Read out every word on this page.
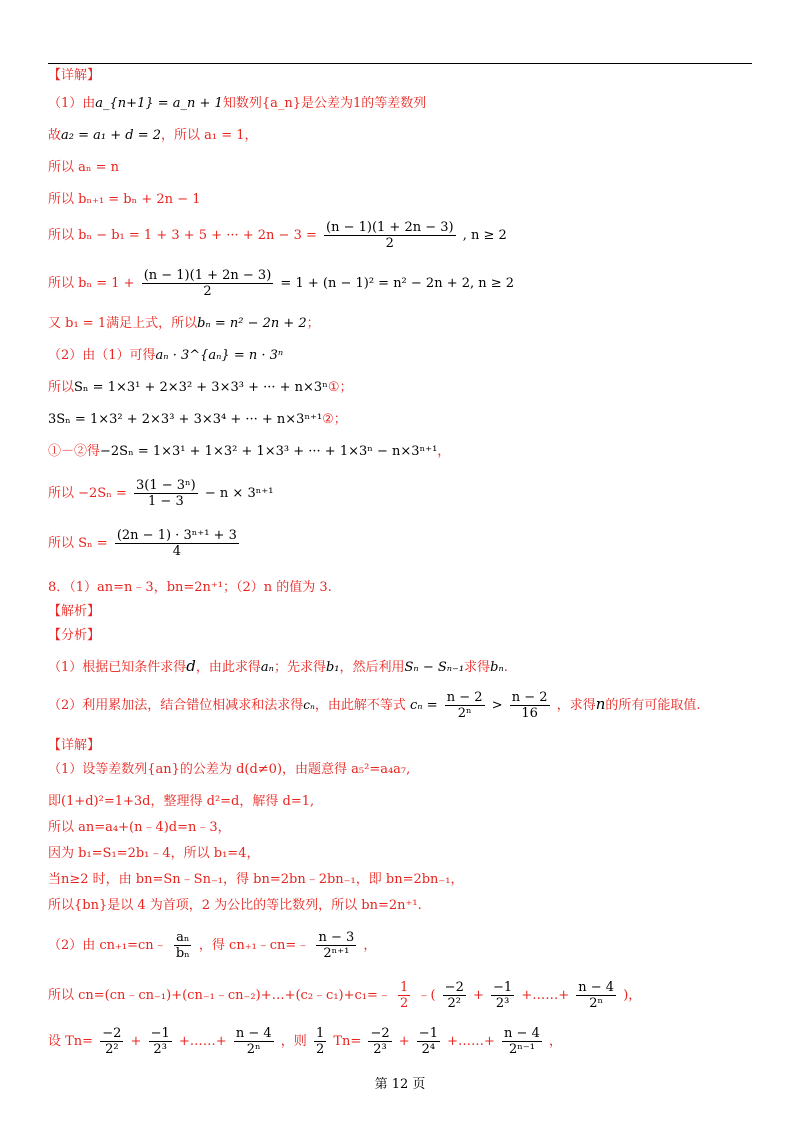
【详解】
（1）由a_{n+1} = a_n + 1知数列{a_n}是公差为1的等差数列
故a₂ = a₁ + d = 2，所以 a₁ = 1，
所以 aₙ = n
所以 bₙ₊₁ = bₙ + 2n − 1
所以 bₙ − b₁ = 1 + 3 + 5 + ··· + $2n - 3 = \frac{(n - 1)(1 + 2n - 3)}{2}$ , n ≥ 2
所以 $b_n = 1 + \frac{(n - 1)(1 + 2n - 3)}{2} = 1 + (n - 1)^2 = n^2 - 2n + 2$, n ≥ 2
又 b₁ = 1满足上式，所以bₙ = n² − 2n + 2；
（2）由（1）可得aₙ · 3^{aₙ} = n · 3ⁿ
所以Sₙ = 1×3¹ + 2×3² + 3×3³ + ··· + n×3ⁿ①；
3Sₙ = 1×3² + 2×3³ + 3×3⁴ + ··· + n×3ⁿ⁺¹②；
①－②得−2Sₙ = 1×3¹ + 1×3² + 1×3³ + ··· + 1×3ⁿ − n×3ⁿ⁺¹，
所以 $-2S_n = \frac{\text{3(1 − 3ⁿ)}}{1 - 3} - n \times 3^{n+1}$
所以 $S_n = \frac{\text{(2n − 1) · 3ⁿ⁺¹ + 3}}{4}$
8．（1）an=n﹣3，bn=2n⁺¹；（2）n 的值为 3.
【解析】
【分析】
（1）根据已知条件求得d，由此求得aₙ；先求得b₁，然后利用Sₙ − Sₙ₋₁求得bₙ.
（2）利用累加法，结合错位相减求和法求得cₙ，由此解不等式 $c_n = \frac{n - 2}{\text{2ⁿ}} > \frac{n - 2}{16}$ ，求得n的所有可能取值.
【详解】
（1）设等差数列{an}的公差为 d(d≠0)，由题意得 a₅²=a₄a₇,
即(1+d)²=1+3d，整理得 d²=d，解得 d=1,
所以 an=a₄+(n﹣4)d=n﹣3，
因为 b₁=S₁=2b₁﹣4，所以 b₁=4，
当n≥2 时，由 bn=Sn﹣Sn₋₁，得 bn=2bn﹣2bn₋₁，即 bn=2bn₋₁，
所以{bn}是以 4 为首项，2 为公比的等比数列，所以 bn=2n⁺¹.
（2）由 cn₊₁=cn﹣ $\frac{\text{aₙ}}{\text{bₙ}}$ ，得 cn₊₁﹣cn=﹣ $\frac{n - 3}{\text{2ⁿ⁺¹}}$ ，
所以 cn=(cn﹣cn₋₁)+(cn₋₁﹣cn₋₂)+…+(c₂﹣c₁)+c₁=﹣ $\frac{1}{2}$ ﹣( $\frac{-2}{\text{2²}} + \frac{-1}{\text{2³}}$ +……+ $\frac{n - 4}{\text{2ⁿ}}$ )，
设 $Tn= \frac{-2}{\text{2²}} + \frac{-1}{\text{2³}}$ +……+ $\frac{n - 4}{\text{2ⁿ}}$ ，则 $\frac{1}{2} Tn= \frac{-2}{\text{2³}} + \frac{-1}{\text{2⁴}}$ +……+ $\frac{n - 4}{\text{2ⁿ⁻¹}}$ ，
第 12 页
